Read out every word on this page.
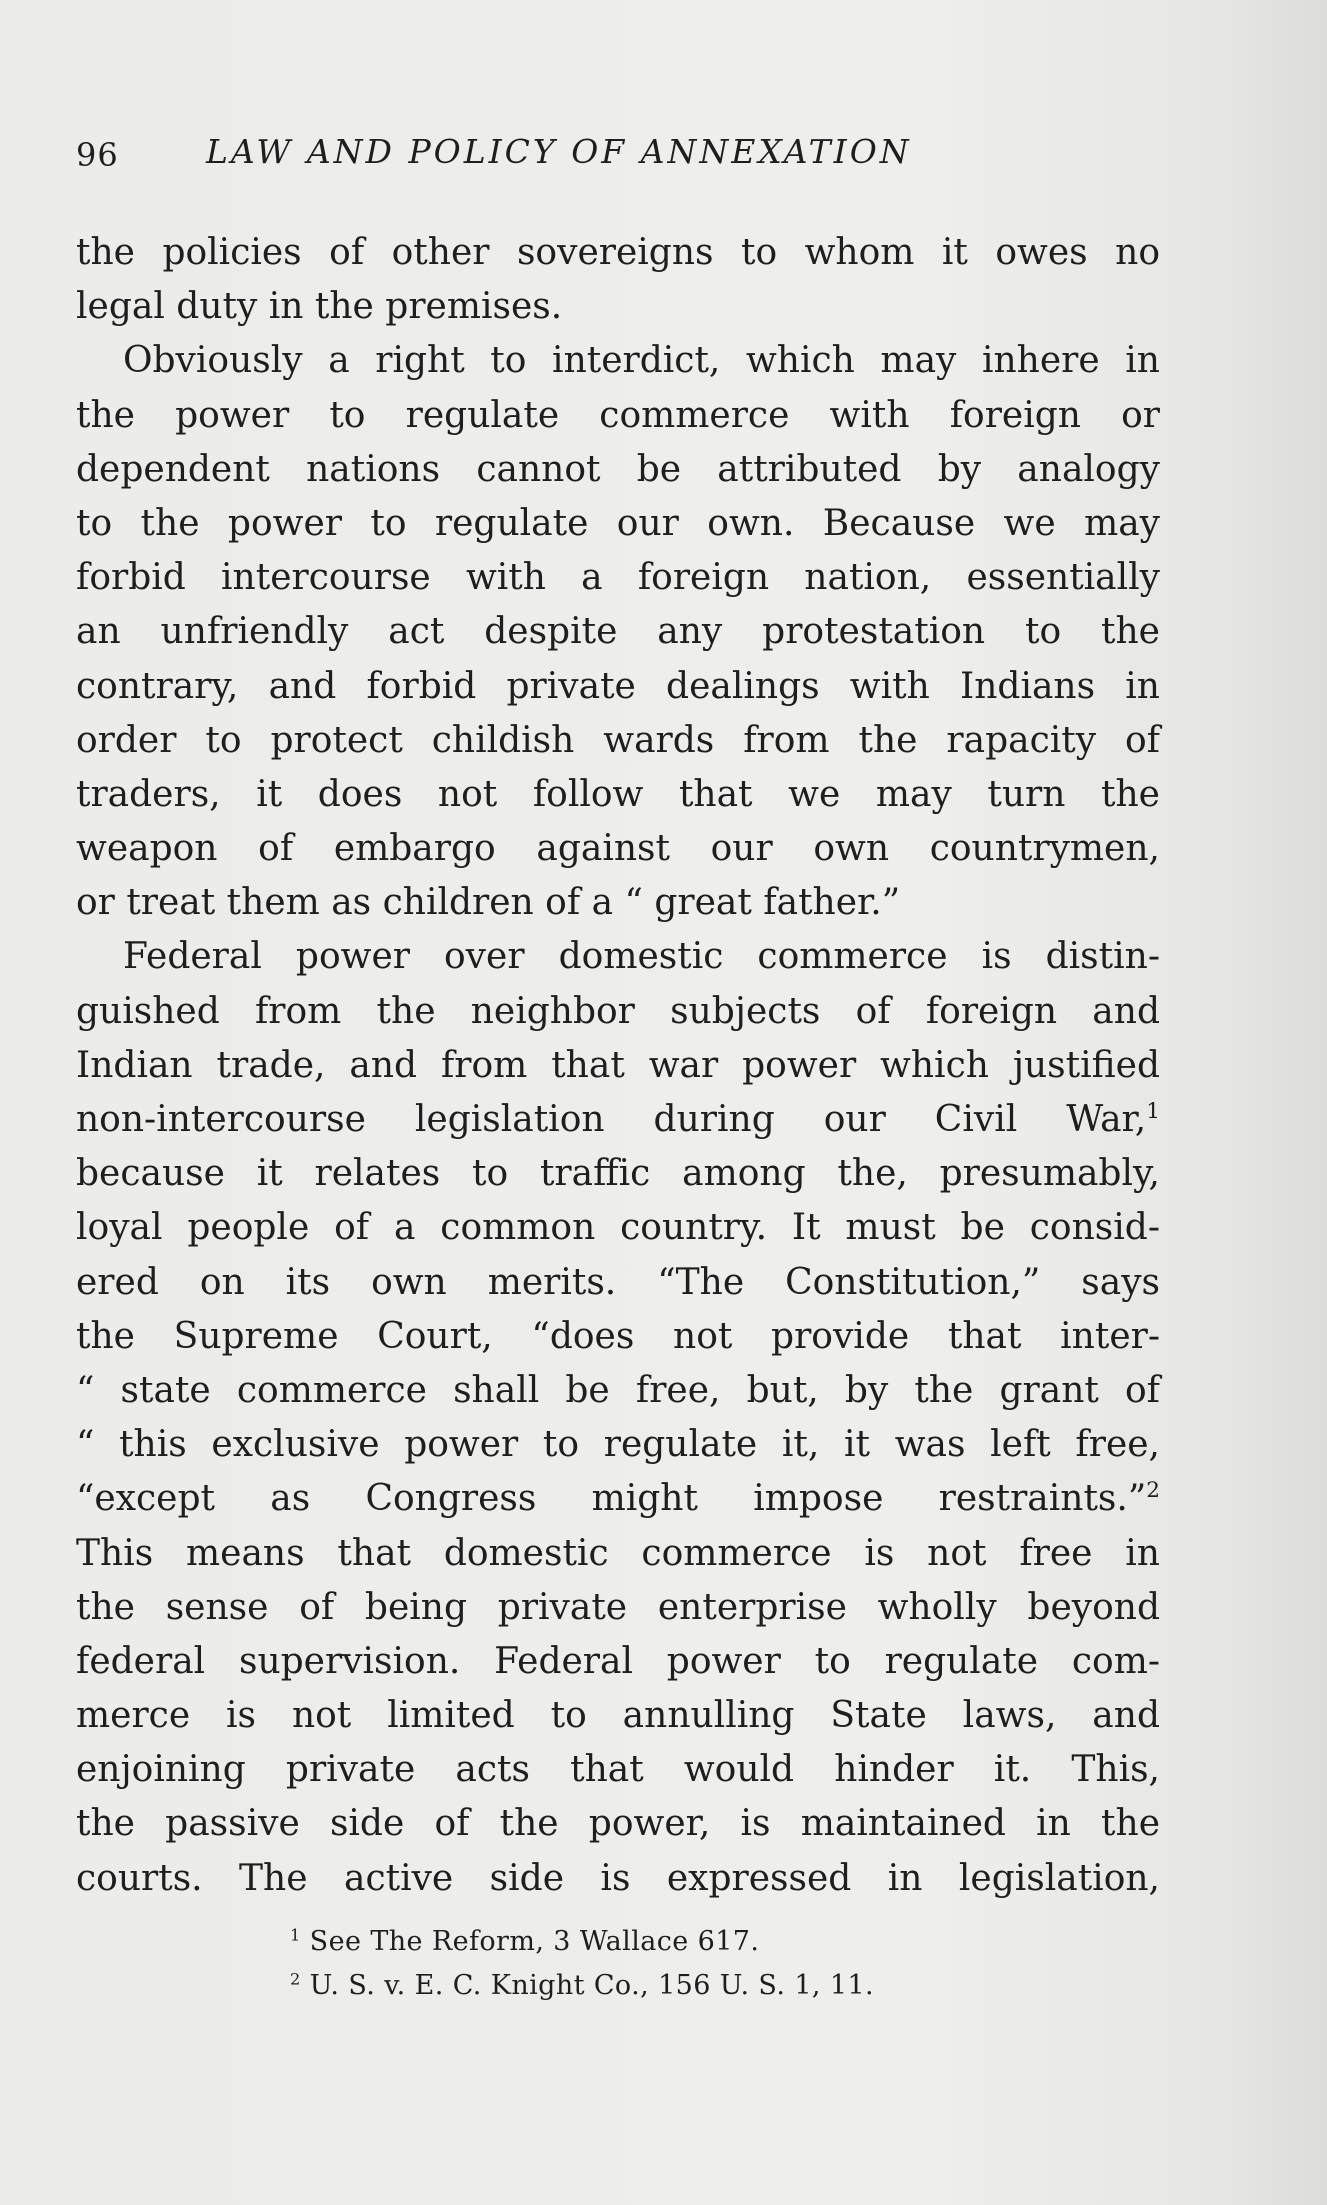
96	LAW AND POLICY OF ANNEXATION
the policies of other sovereigns to whom it owes no
legal duty in the premises.
Obviously a right to interdict, which may inhere in
the power to regulate commerce with foreign or
dependent nations cannot be attributed by analogy
to the power to regulate our own. Because we may
forbid intercourse with a foreign nation, essentially
an unfriendly act despite any protestation to the
contrary, and forbid private dealings with Indians in
order to protect childish wards from the rapacity of
traders, it does not follow that we may turn the
weapon of embargo against our own countrymen,
or treat them as children of a “ great father.”
Federal power over domestic commerce is distin-
guished from the neighbor subjects of foreign and
Indian trade, and from that war power which justified
non-intercourse legislation during our Civil War,$^1$
because it relates to traffic among the, presumably,
loyal people of a common country. It must be consid-
ered on its own merits. “The Constitution,” says
the Supreme Court, “does not provide that inter-
“ state commerce shall be free, but, by the grant of
“ this exclusive power to regulate it, it was left free,
“except as Congress might impose restraints.”$^2$
This means that domestic commerce is not free in
the sense of being private enterprise wholly beyond
federal supervision. Federal power to regulate com-
merce is not limited to annulling State laws, and
enjoining private acts that would hinder it. This,
the passive side of the power, is maintained in the
courts. The active side is expressed in legislation,
$^1$ See The Reform, 3 Wallace 617.
$^2$ U. S. v. E. C. Knight Co., 156 U. S. 1, 11.
